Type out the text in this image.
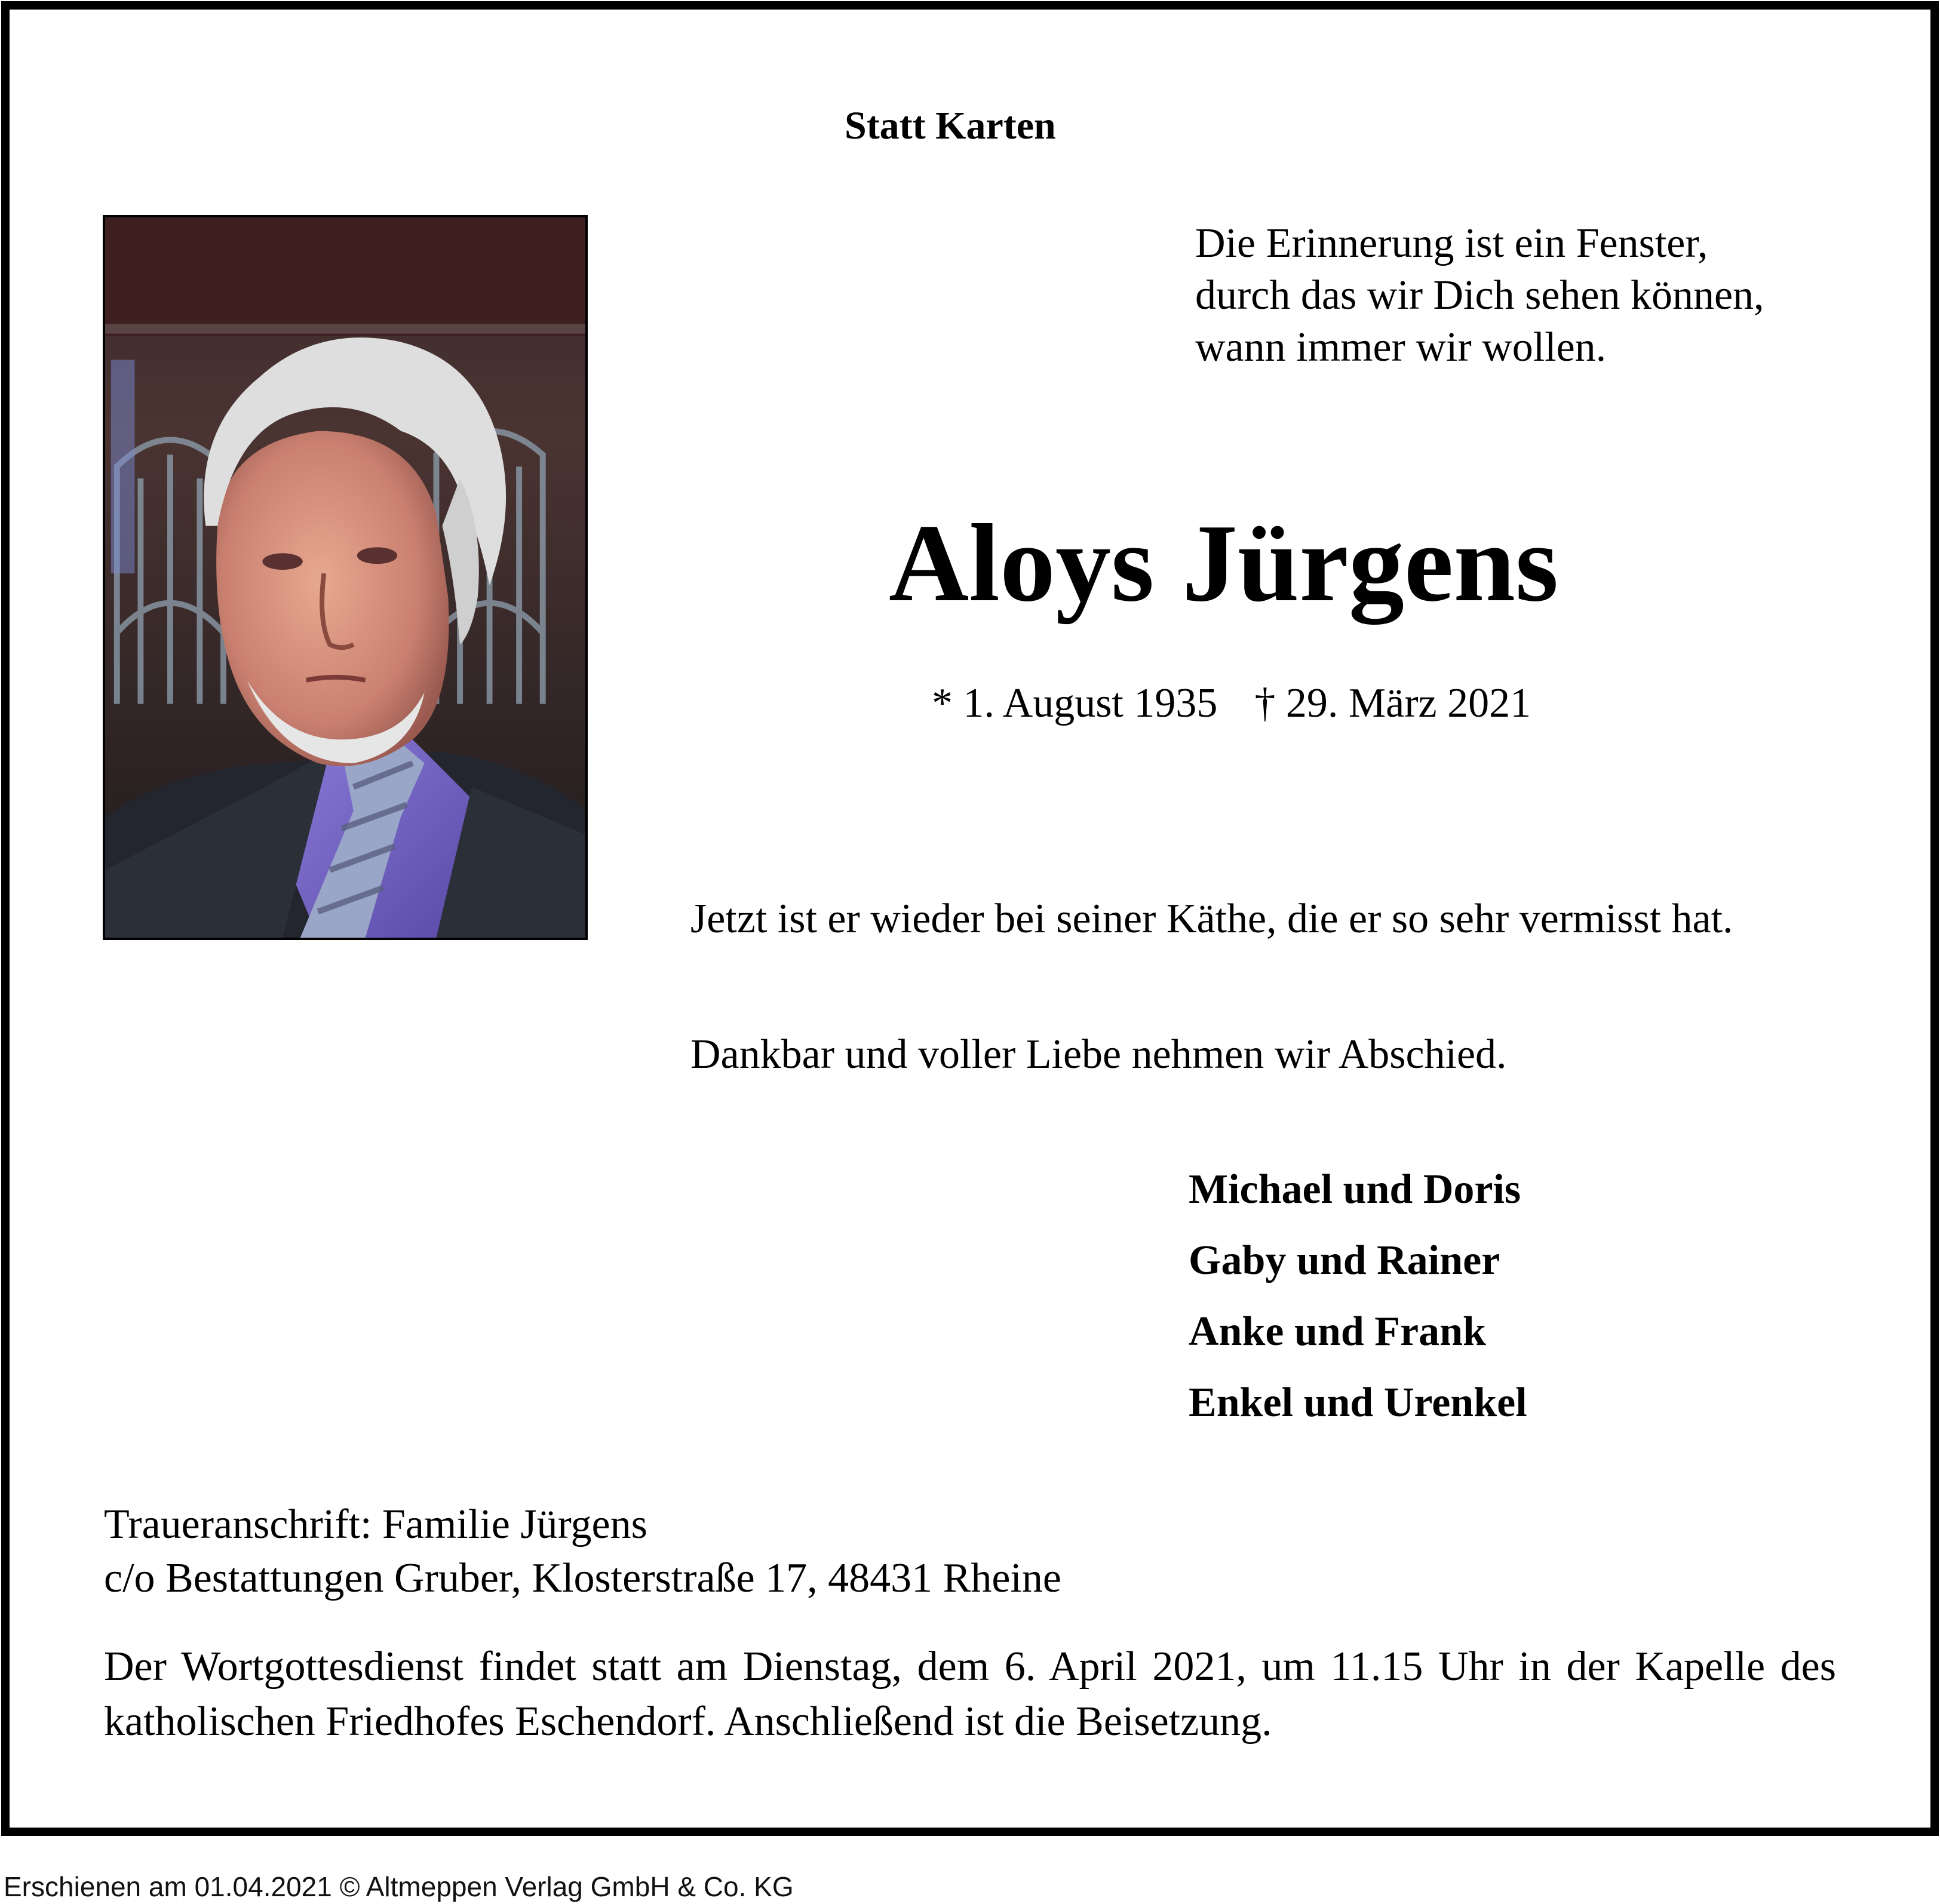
Statt Karten
Die Erinnerung ist ein Fenster,
durch das wir Dich sehen können,
wann immer wir wollen.
Aloys Jürgens
* 1. August 1935 † 29. März 2021
Jetzt ist er wieder bei seiner Käthe, die er so sehr vermisst hat.
Dankbar und voller Liebe nehmen wir Abschied.
Michael und Doris
Gaby und Rainer
Anke und Frank
Enkel und Urenkel
Traueranschrift: Familie Jürgens
c/o Bestattungen Gruber, Klosterstraße 17, 48431 Rheine
Der Wortgottesdienst findet statt am Dienstag, dem 6. April 2021, um 11.15 Uhr in der Kapelle des katholischen Friedhofes Eschendorf. Anschließend ist die Beisetzung.
Erschienen am 01.04.2021 © Altmeppen Verlag GmbH & Co. KG
